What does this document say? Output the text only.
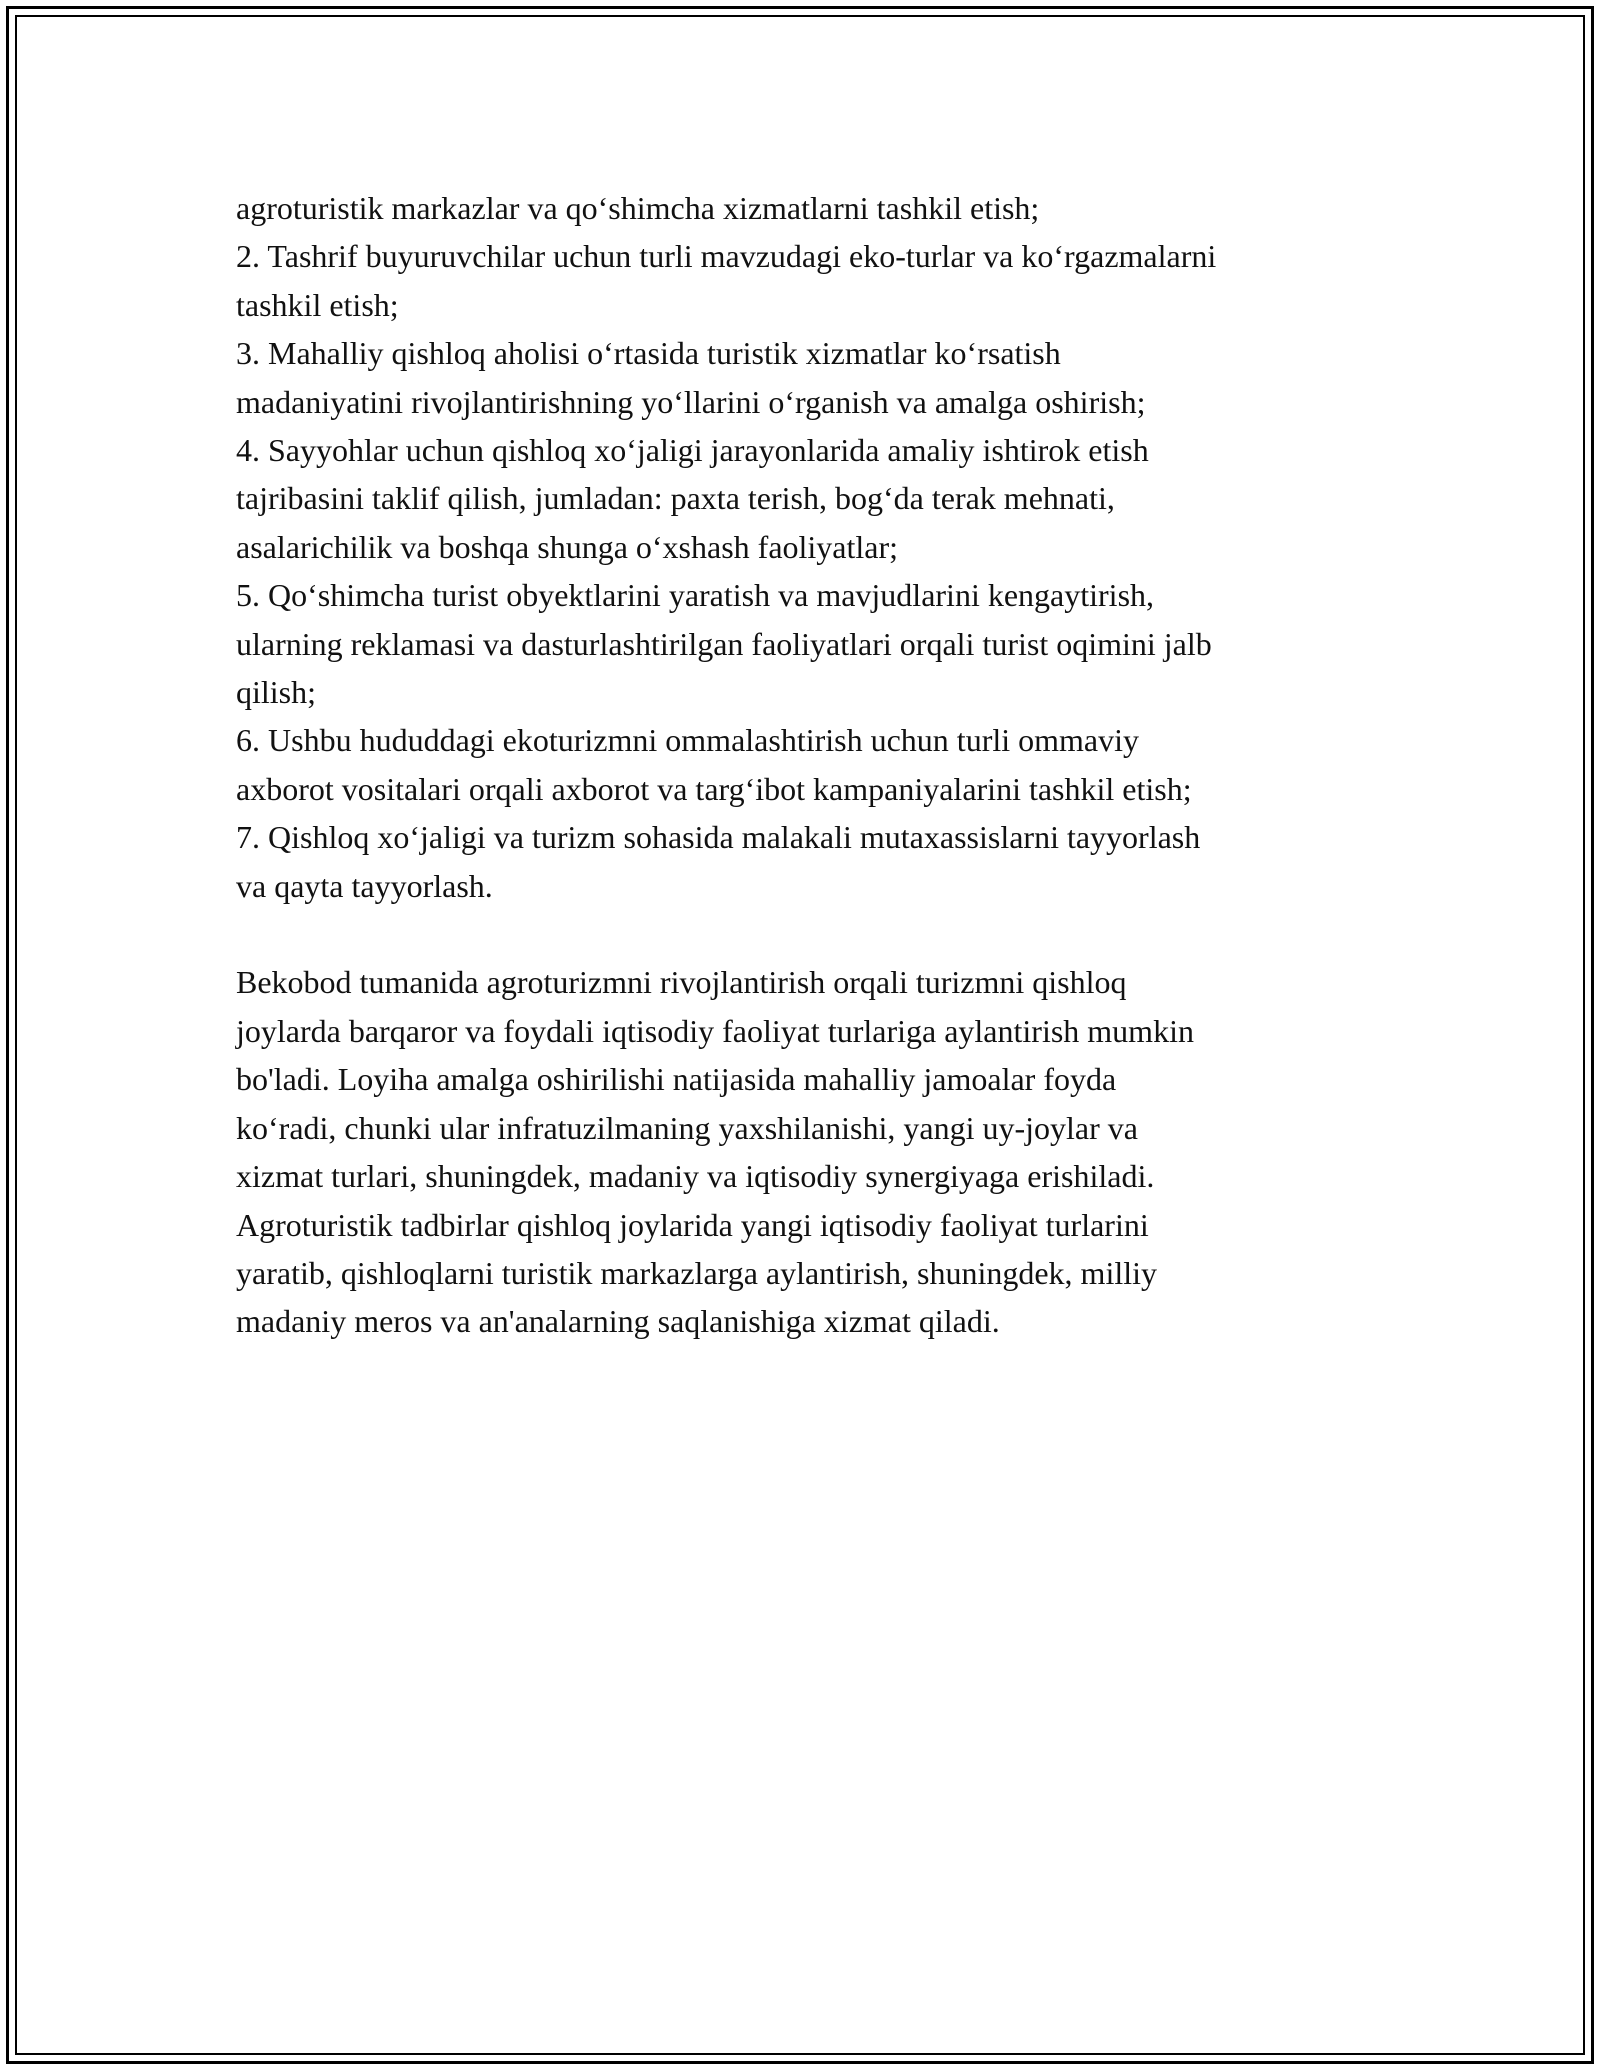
agroturistik markazlar va qo‘shimcha xizmatlarni tashkil etish;
2. Tashrif buyuruvchilar uchun turli mavzudagi eko-turlar va ko‘rgazmalarni
tashkil etish;
3. Mahalliy qishloq aholisi o‘rtasida turistik xizmatlar ko‘rsatish
madaniyatini rivojlantirishning yo‘llarini o‘rganish va amalga oshirish;
4. Sayyohlar uchun qishloq xo‘jaligi jarayonlarida amaliy ishtirok etish
tajribasini taklif qilish, jumladan: paxta terish, bog‘da terak mehnati,
asalarichilik va boshqa shunga o‘xshash faoliyatlar;
5. Qo‘shimcha turist obyektlarini yaratish va mavjudlarini kengaytirish,
ularning reklamasi va dasturlashtirilgan faoliyatlari orqali turist oqimini jalb
qilish;
6. Ushbu hududdagi ekoturizmni ommalashtirish uchun turli ommaviy
axborot vositalari orqali axborot va targ‘ibot kampaniyalarini tashkil etish;
7. Qishloq xo‘jaligi va turizm sohasida malakali mutaxassislarni tayyorlash
va qayta tayyorlash.
Bekobod tumanida agroturizmni rivojlantirish orqali turizmni qishloq
joylarda barqaror va foydali iqtisodiy faoliyat turlariga aylantirish mumkin
bo'ladi. Loyiha amalga oshirilishi natijasida mahalliy jamoalar foyda
ko‘radi, chunki ular infratuzilmaning yaxshilanishi, yangi uy-joylar va
xizmat turlari, shuningdek, madaniy va iqtisodiy synergiyaga erishiladi.
Agroturistik tadbirlar qishloq joylarida yangi iqtisodiy faoliyat turlarini
yaratib, qishloqlarni turistik markazlarga aylantirish, shuningdek, milliy
madaniy meros va an'analarning saqlanishiga xizmat qiladi.
